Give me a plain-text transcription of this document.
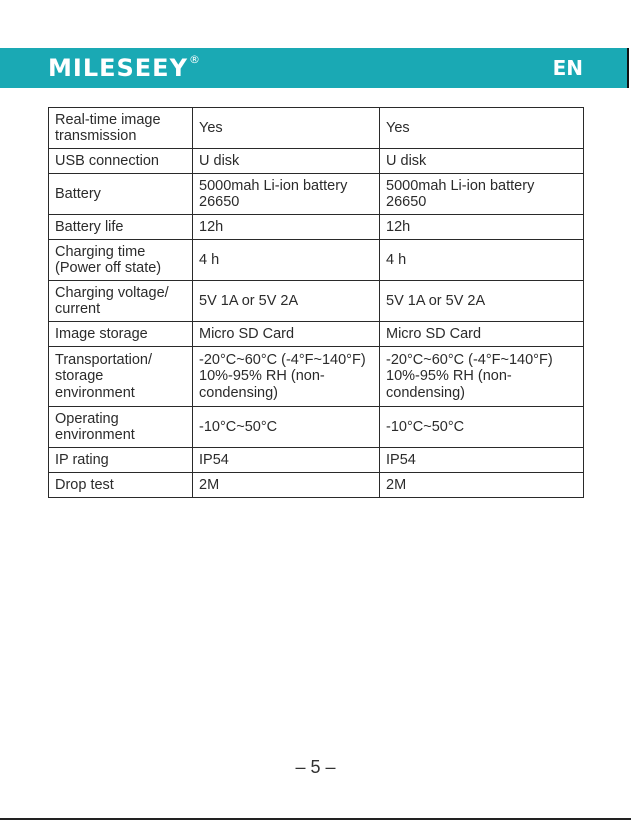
MILESEEY®	EN
Real-time image transmission	Yes	Yes
USB connection	U disk	U disk
Battery	5000mah Li-ion battery 26650	5000mah Li-ion battery 26650
Battery life	12h	12h
Charging time (Power off state)	4 h	4 h
Charging voltage/ current	5V 1A or 5V 2A	5V 1A or 5V 2A
Image storage	Micro SD Card	Micro SD Card
Transportation/ storage environment	-20°C~60°C (-4°F~140°F) 10%-95% RH (non-condensing)	-20°C~60°C (-4°F~140°F) 10%-95% RH (non-condensing)
Operating environment	-10°C~50°C	-10°C~50°C
IP rating	IP54	IP54
Drop test	2M	2M
– 5 –
